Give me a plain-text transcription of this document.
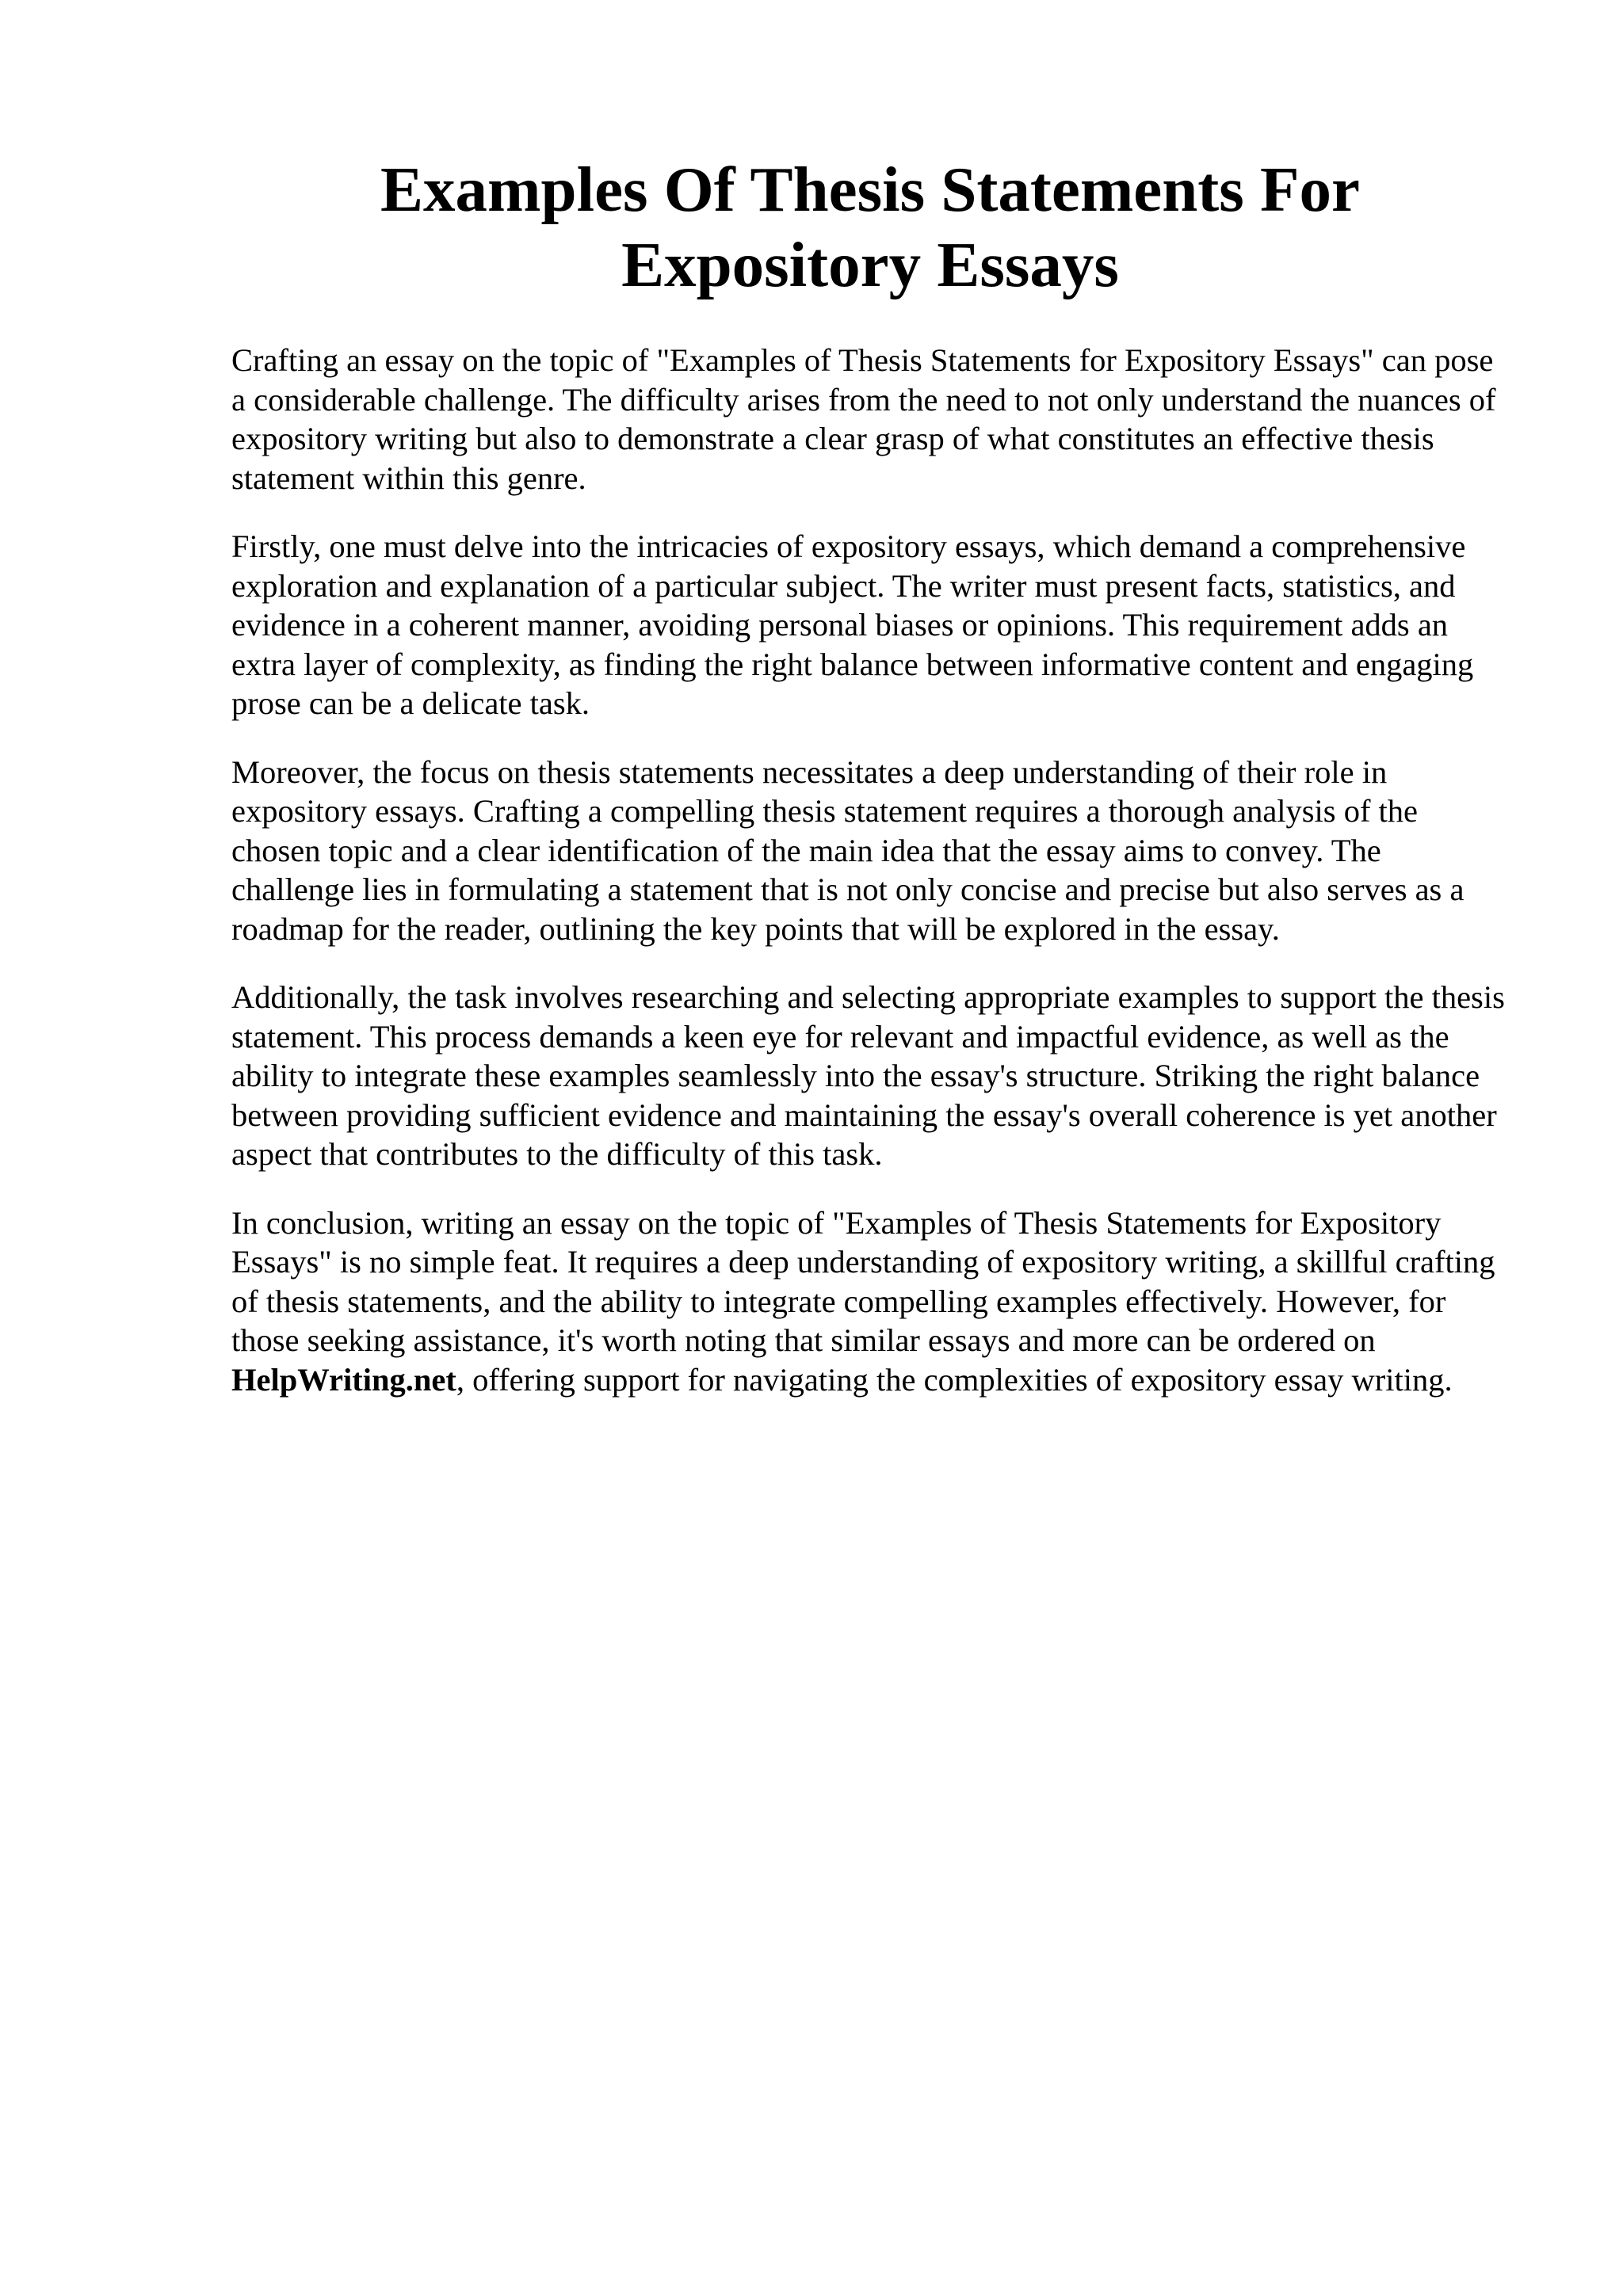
Examples Of Thesis Statements For Expository Essays

Crafting an essay on the topic of "Examples of Thesis Statements for Expository Essays" can pose a considerable challenge. The difficulty arises from the need to not only understand the nuances of expository writing but also to demonstrate a clear grasp of what constitutes an effective thesis statement within this genre.

Firstly, one must delve into the intricacies of expository essays, which demand a comprehensive exploration and explanation of a particular subject. The writer must present facts, statistics, and evidence in a coherent manner, avoiding personal biases or opinions. This requirement adds an extra layer of complexity, as finding the right balance between informative content and engaging prose can be a delicate task.

Moreover, the focus on thesis statements necessitates a deep understanding of their role in expository essays. Crafting a compelling thesis statement requires a thorough analysis of the chosen topic and a clear identification of the main idea that the essay aims to convey. The challenge lies in formulating a statement that is not only concise and precise but also serves as a roadmap for the reader, outlining the key points that will be explored in the essay.

Additionally, the task involves researching and selecting appropriate examples to support the thesis statement. This process demands a keen eye for relevant and impactful evidence, as well as the ability to integrate these examples seamlessly into the essay's structure. Striking the right balance between providing sufficient evidence and maintaining the essay's overall coherence is yet another aspect that contributes to the difficulty of this task.

In conclusion, writing an essay on the topic of "Examples of Thesis Statements for Expository Essays" is no simple feat. It requires a deep understanding of expository writing, a skillful crafting of thesis statements, and the ability to integrate compelling examples effectively. However, for those seeking assistance, it's worth noting that similar essays and more can be ordered on HelpWriting.net, offering support for navigating the complexities of expository essay writing.
